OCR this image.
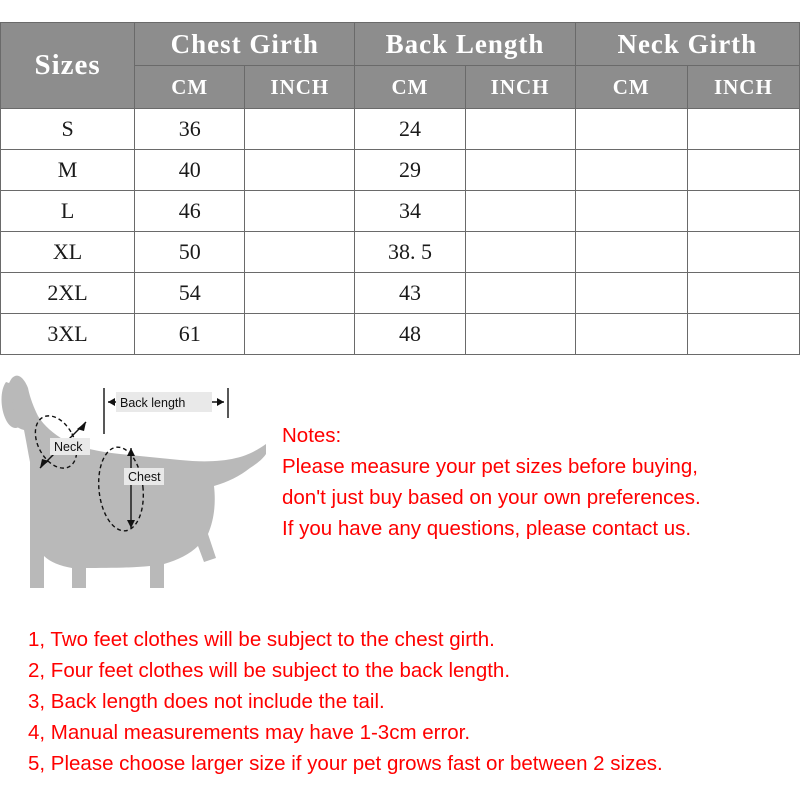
Sizes	Chest Girth		Back Length		Neck Girth	
	CM	INCH	CM	INCH	CM	INCH
S	36		24			
M	40		29			
L	46		34			
XL	50		38. 5			
2XL	54		43			
3XL	61		48			
Back length
Neck
Chest
Notes:
Please measure your pet sizes before buying,
don't just buy based on your own preferences.
If you have any questions, please contact us.
1, Two feet clothes will be subject to the chest girth.
2, Four feet clothes will be subject to the back length.
3, Back length does not include the tail.
4, Manual measurements may have 1-3cm error.
5, Please choose larger size if your pet grows fast or between 2 sizes.
